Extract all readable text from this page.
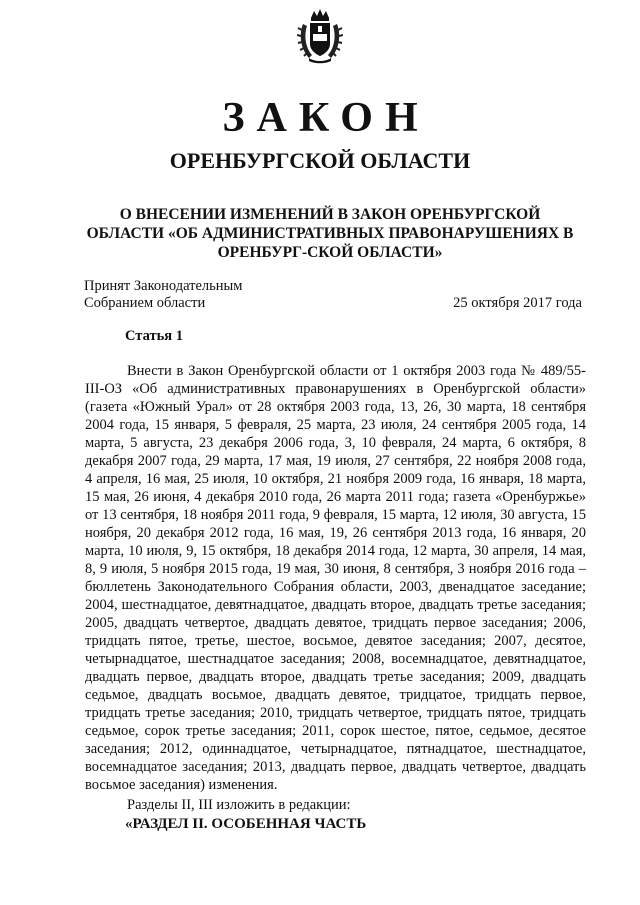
ЗАКОН
ОРЕНБУРГСКОЙ ОБЛАСТИ
О ВНЕСЕНИИ ИЗМЕНЕНИЙ В ЗАКОН ОРЕНБУРГСКОЙ ОБЛАСТИ «ОБ АДМИНИСТРАТИВНЫХ ПРАВОНАРУШЕНИЯХ В ОРЕНБУРГ-СКОЙ ОБЛАСТИ»
Принят Законодательным
Собранием области	25 октября 2017 года
Статья 1
Внести в Закон Оренбургской области от 1 октября 2003 года № 489/55-III-ОЗ «Об административных правонарушениях в Оренбургской области» (газета «Южный Урал» от 28 октября 2003 года, 13, 26, 30 марта, 18 сентября 2004 года, 15 января, 5 февраля, 25 марта, 23 июля, 24 сентября 2005 года, 14 марта, 5 августа, 23 декабря 2006 года, 3, 10 февраля, 24 марта, 6 октября, 8 декабря 2007 года, 29 марта, 17 мая, 19 июля, 27 сентября, 22 ноября 2008 года, 4 апреля, 16 мая, 25 июля, 10 октября, 21 ноября 2009 года, 16 января, 18 марта, 15 мая, 26 июня, 4 декабря 2010 года, 26 марта 2011 года; газета «Оренбуржье» от 13 сентября, 18 ноября 2011 года, 9 февраля, 15 марта, 12 июля, 30 августа, 15 ноября, 20 декабря 2012 года, 16 мая, 19, 26 сентября 2013 года, 16 января, 20 марта, 10 июля, 9, 15 октября, 18 декабря 2014 года, 12 марта, 30 апреля, 14 мая, 8, 9 июля, 5 ноября 2015 года, 19 мая, 30 июня, 8 сентября, 3 ноября 2016 года – бюллетень Законодательного Собрания области, 2003, двенадцатое заседание; 2004, шестнадцатое, девятнадцатое, двадцать второе, двадцать третье заседания; 2005, двадцать четвертое, двадцать девятое, тридцать первое заседания; 2006, тридцать пятое, третье, шестое, восьмое, девятое заседания; 2007, десятое, четырнадцатое, шестнадцатое заседания; 2008, восемнадцатое, девятнадцатое, двадцать первое, двадцать второе, двадцать третье заседания; 2009, двадцать седьмое, двадцать восьмое, двадцать девятое, тридцатое, тридцать первое, тридцать третье заседания; 2010, тридцать четвертое, тридцать пятое, тридцать седьмое, сорок третье заседания; 2011, сорок шестое, пятое, седьмое, десятое заседания; 2012, одиннадцатое, четырнадцатое, пятнадцатое, шестнадцатое, восемнадцатое заседания; 2013, двадцать первое, двадцать четвертое, двадцать восьмое заседания) изменения.
Разделы II, III изложить в редакции:
«РАЗДЕЛ II. ОСОБЕННАЯ ЧАСТЬ
